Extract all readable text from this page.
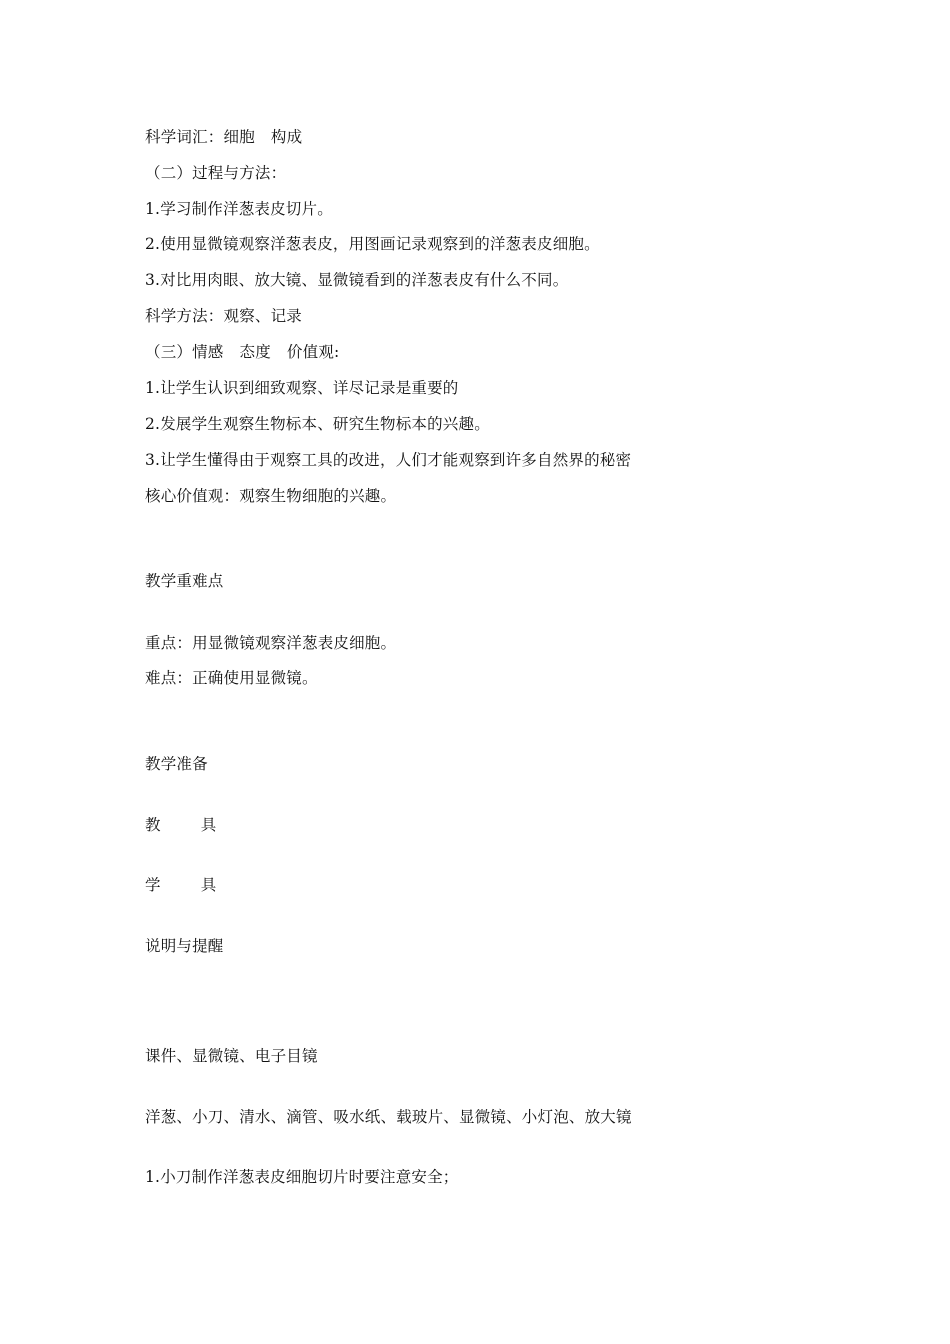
科学词汇：细胞 构成
（二）过程与方法：
1.学习制作洋葱表皮切片。
2.使用显微镜观察洋葱表皮，用图画记录观察到的洋葱表皮细胞。
3.对比用肉眼、放大镜、显微镜看到的洋葱表皮有什么不同。
科学方法：观察、记录
（三）情感 态度 价值观:
1.让学生认识到细致观察、详尽记录是重要的
2.发展学生观察生物标本、研究生物标本的兴趣。
3.让学生懂得由于观察工具的改进，人们才能观察到许多自然界的秘密
核心价值观：观察生物细胞的兴趣。
教学重难点
重点：用显微镜观察洋葱表皮细胞。
难点：正确使用显微镜。
教学准备
教	具
学	具
说明与提醒
课件、显微镜、电子目镜
洋葱、小刀、清水、滴管、吸水纸、载玻片、显微镜、小灯泡、放大镜
1.小刀制作洋葱表皮细胞切片时要注意安全；
